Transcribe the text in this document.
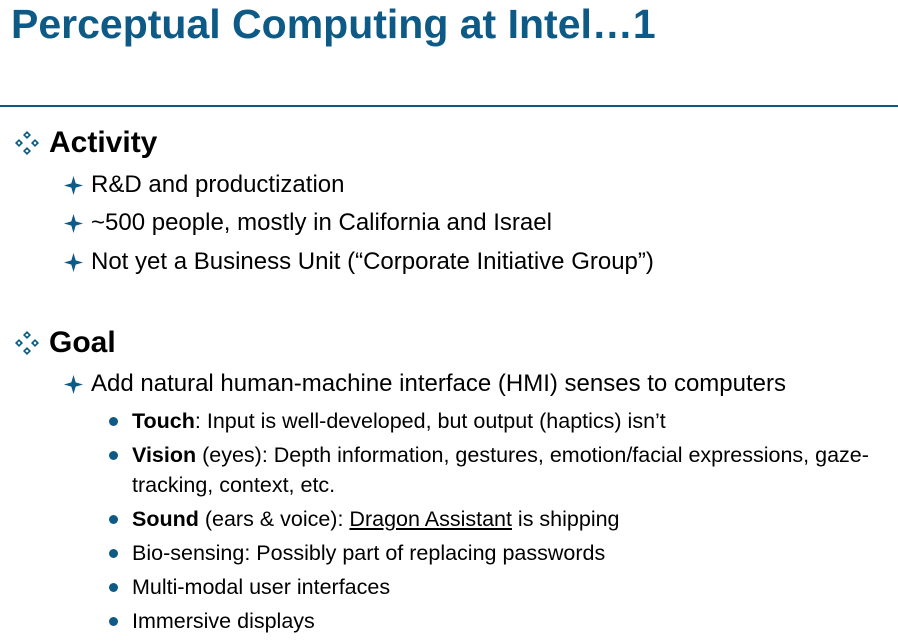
Perceptual Computing at Intel…1
Activity
R&D and productization
~500 people, mostly in California and Israel
Not yet a Business Unit (“Corporate Initiative Group”)
Goal
Add natural human-machine interface (HMI) senses to computers
Touch: Input is well-developed, but output (haptics) isn’t
Vision (eyes): Depth information, gestures, emotion/facial expressions, gaze-tracking, context, etc.
Sound (ears & voice): Dragon Assistant is shipping
Bio-sensing: Possibly part of replacing passwords
Multi-modal user interfaces
Immersive displays
